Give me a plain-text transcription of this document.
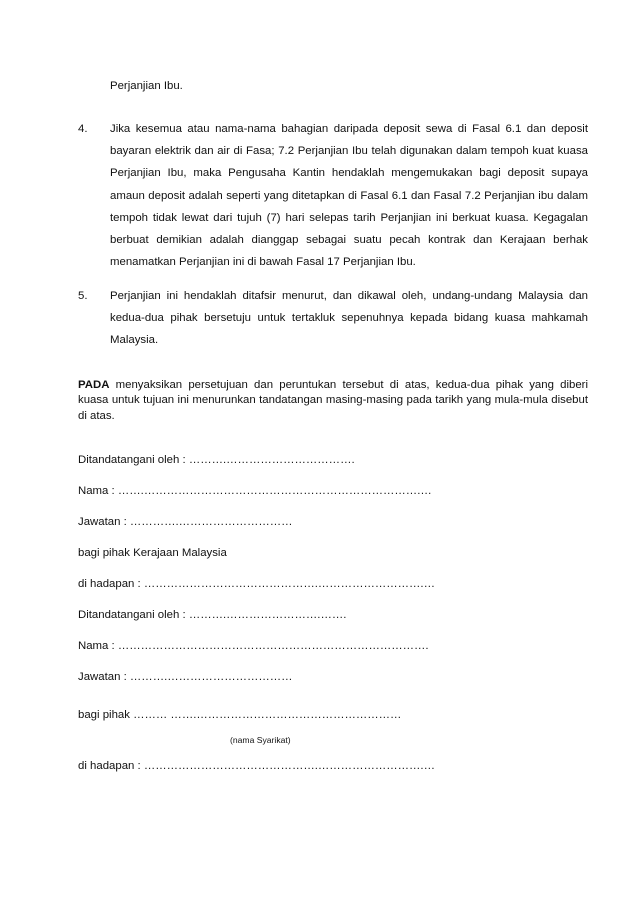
Perjanjian Ibu.
4. Jika kesemua atau nama-nama bahagian daripada deposit sewa di Fasal 6.1 dan deposit bayaran elektrik dan air di Fasa; 7.2 Perjanjian Ibu telah digunakan dalam tempoh kuat kuasa Perjanjian Ibu, maka Pengusaha Kantin hendaklah mengemukakan bagi deposit supaya amaun deposit adalah seperti yang ditetapkan di Fasal 6.1 dan Fasal 7.2 Perjanjian ibu dalam tempoh tidak lewat dari tujuh (7) hari selepas tarih Perjanjian ini berkuat kuasa. Kegagalan berbuat demikian adalah dianggap sebagai suatu pecah kontrak dan Kerajaan berhak menamatkan Perjanjian ini di bawah Fasal 17 Perjanjian Ibu.
5. Perjanjian ini hendaklah ditafsir menurut, dan dikawal oleh, undang-undang Malaysia dan kedua-dua pihak bersetuju untuk tertakluk sepenuhnya kepada bidang kuasa mahkamah Malaysia.
PADA menyaksikan persetujuan dan peruntukan tersebut di atas, kedua-dua pihak yang diberi kuasa untuk tujuan ini menurunkan tandatangan masing-masing pada tarikh yang mula-mula disebut di atas.
Ditandatangani oleh : ……….…………………………….
Nama : …….……………………………………………………………….…
Jawatan : ………….…………………………
bagi pihak Kerajaan Malaysia
di hadapan : ……………………………………….……………………….…
Ditandatangani oleh : ……….…………………….…….
Nama : ……………………………………………………………………….
Jawatan : ……….……………………………
bagi pihak ……… …….………………………………………………
(nama Syarikat)
di hadapan : ……………………………………….……………………….…
